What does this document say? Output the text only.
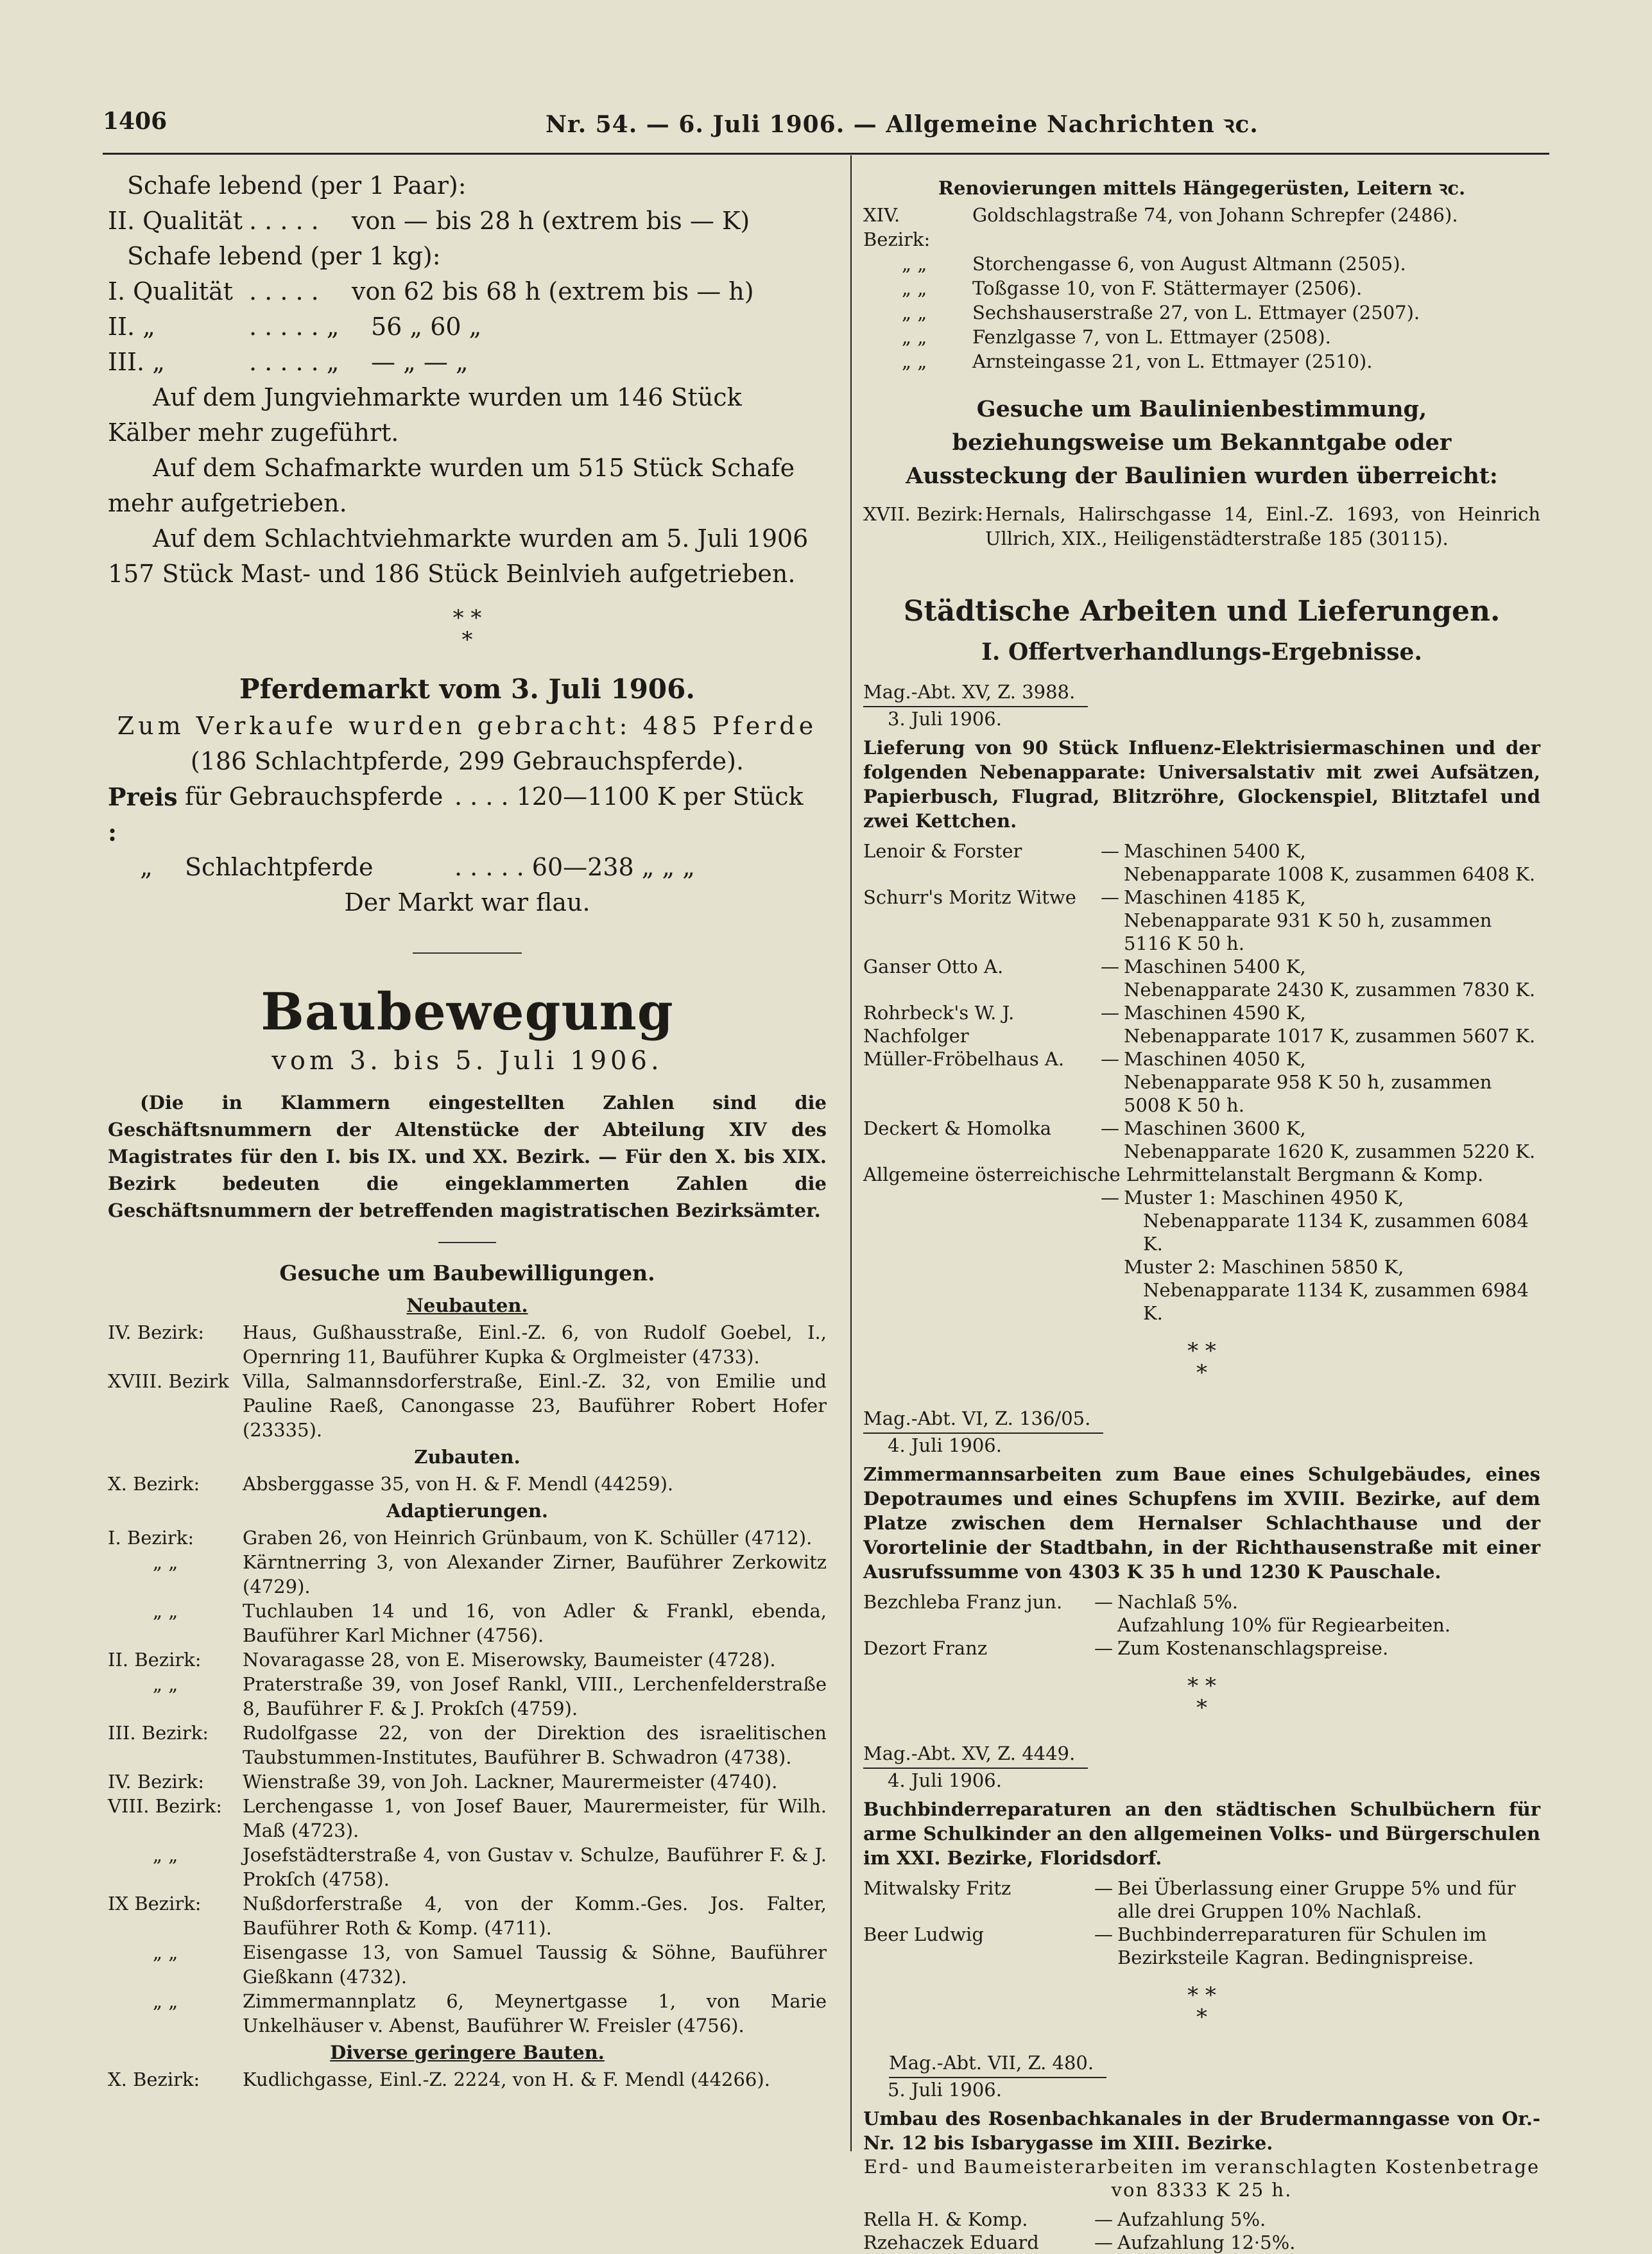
1406	Nr. 54. — 6. Juli 1906. — Allgemeine Nachrichten ꝛc.

Schafe lebend (per 1 Paar):

II. Qualität . . . . .	von — bis 28 h (extrem bis — K)

Schafe lebend (per 1 kg):

I. Qualität . . . . .	von 62 bis 68 h (extrem bis — h)
II. „	. . . . . „	56 „ 60 „
III. „	. . . . . „	— „ — „

Auf dem Jungviehmarkte wurden um 146 Stück Kälber mehr zugeführt.

Auf dem Schafmarkte wurden um 515 Stück Schafe mehr aufgetrieben.

Auf dem Schlachtviehmarkte wurden am 5. Juli 1906 157 Stück Mast- und 186 Stück Beinlvieh aufgetrieben.

* *
*

Pferdemarkt vom 3. Juli 1906.

Zum Verkaufe wurden gebracht: 485 Pferde

(186 Schlachtpferde, 299 Gebrauchspferde).

Preis :
für Gebrauchspferde . . . . 120—1100 K per Stück
„	Schlachtpferde	. . . . . 60—238 „ „ „

Der Markt war flau.

Baubewegung

vom 3. bis 5. Juli 1906.

(Die in Klammern eingestellten Zahlen sind die Geschäftsnummern der Altenstücke der Abteilung XIV des Magistrates für den I. bis IX. und XX. Bezirk. — Für den X. bis XIX. Bezirk bedeuten die eingeklammerten Zahlen die Geschäftsnummern der betreffenden magistratischen Bezirksämter.

Gesuche um Baubewilligungen.

Neubauten.

IV. Bezirk:	Haus, Gußhausstraße, Einl.-Z. 6, von Rudolf Goebel, I., Opernring 11, Bauführer Kupka & Orglmeister (4733).
XVIII. Bezirk Villa, Salmannsdorferstraße, Einl.-Z. 32, von Emilie und Pauline Raeß, Canongasse 23, Bauführer Robert Hofer (23335).

Zubauten.

X. Bezirk:	Absberggasse 35, von H. & F. Mendl (44259).

Adaptierungen.

I. Bezirk:	Graben 26, von Heinrich Grünbaum, von K. Schüller (4712).
„ „	Kärntnerring 3, von Alexander Zirner, Bauführer Zerkowitz (4729).
„ „	Tuchlauben 14 und 16, von Adler & Frankl, ebenda, Bauführer Karl Michner (4756).
II. Bezirk:	Novaragasse 28, von E. Miserowsky, Baumeister (4728).
„ „	Praterstraße 39, von Josef Rankl, VIII., Lerchenfelderstraße 8, Bauführer F. & J. Prokſch (4759).
III. Bezirk:	Rudolfgasse 22, von der Direktion des israelitischen Taubstummen-Institutes, Bauführer B. Schwadron (4738).
IV. Bezirk:	Wienstraße 39, von Joh. Lackner, Maurermeister (4740).
VIII. Bezirk:	Lerchengasse 1, von Josef Bauer, Maurermeister, für Wilh. Maß (4723).
„ „	Josefstädterstraße 4, von Gustav v. Schulze, Bauführer F. & J. Prokſch (4758).
IX Bezirk:	Nußdorferstraße 4, von der Komm.-Ges. Jos. Falter, Bauführer Roth & Komp. (4711).
„ „	Eisengasse 13, von Samuel Taussig & Söhne, Bauführer Gießkann (4732).
„ „	Zimmermannplatz 6, Meynertgasse 1, von Marie Unkelhäuser v. Abenst, Bauführer W. Freisler (4756).

Diverse geringere Bauten.

X. Bezirk:	Kudlichgasse, Einl.-Z. 2224, von H. & F. Mendl (44266).

Renovierungen mittels Hängegerüsten, Leitern ꝛc.

XIV. Bezirk:
Goldschlagstraße 74, von Johann Schrepfer (2486).
„ „	Storchengasse 6, von August Altmann (2505).
„ „	Toßgasse 10, von F. Stättermayer (2506).
„ „	Sechshauserstraße 27, von L. Ettmayer (2507).
„ „	Fenzlgasse 7, von L. Ettmayer (2508).
„ „	Arnsteingasse 21, von L. Ettmayer (2510).

Gesuche um Baulinienbestimmung, beziehungsweise um Bekanntgabe oder Aussteckung der Baulinien wurden überreicht:

XVII. Bezirk: Hernals, Halirschgasse 14, Einl.-Z. 1693, von Heinrich Ullrich, XIX., Heiligenstädterstraße 185 (30115).

Städtische Arbeiten und Lieferungen.

I. Offertverhandlungs-Ergebnisse.

Mag.-Abt. XV, Z. 3988.

3. Juli 1906.

Lieferung von 90 Stück Influenz-Elektrisiermaschinen und der folgenden Nebenapparate: Universalstativ mit zwei Aufsätzen, Papierbusch, Flugrad, Blitzröhre, Glockenspiel, Blitztafel und zwei Kettchen.

Lenoir & Forster	— Maschinen 5400 K,
Nebenapparate 1008 K, zusammen 6408 K.
Schurr's Moritz Witwe	— Maschinen 4185 K,
Nebenapparate 931 K 50 h, zusammen 5116 K 50 h.
Ganser Otto A.	— Maschinen 5400 K,
Nebenapparate 2430 K, zusammen 7830 K.
Rohrbeck's W. J. Nachfolger
— Maschinen 4590 K,
Nebenapparate 1017 K, zusammen 5607 K.
Müller-Fröbelhaus A.	— Maschinen 4050 K,
Nebenapparate 958 K 50 h, zusammen 5008 K 50 h.
Deckert & Homolka	— Maschinen 3600 K,
Nebenapparate 1620 K, zusammen 5220 K.

Allgemeine österreichische Lehrmittelanstalt Bergmann & Komp.

— Muster 1: Maschinen 4950 K,
Nebenapparate 1134 K, zusammen 6084 K.
Muster 2: Maschinen 5850 K,
Nebenapparate 1134 K, zusammen 6984 K.
* *
*
Mag.-Abt. VI, Z. 136/05.

4. Juli 1906.

Zimmermannsarbeiten zum Baue eines Schulgebäudes, eines Depotraumes und eines Schupfens im XVIII. Bezirke, auf dem Platze zwischen dem Hernalser Schlachthause und der Vorortelinie der Stadtbahn, in der Richthausenstraße mit einer Ausrufssumme von 4303 K 35 h und 1230 K Pauschale.

Bezchleba Franz jun.	— Nachlaß 5%.
Aufzahlung 10% für Regiearbeiten.
Dezort Franz	— Zum Kostenanschlagspreise.
* *
*
Mag.-Abt. XV, Z. 4449.

4. Juli 1906.

Buchbinderreparaturen an den städtischen Schulbüchern für arme Schulkinder an den allgemeinen Volks- und Bürgerschulen im XXI. Bezirke, Floridsdorf.

Mitwalsky Fritz	— Bei Überlassung einer Gruppe 5% und für alle drei Gruppen 10% Nachlaß.
Beer Ludwig	— Buchbinderreparaturen für Schulen im Bezirksteile Kagran. Bedingnispreise.
* *
*
Mag.-Abt. VII, Z. 480.

5. Juli 1906.

Umbau des Rosenbachkanales in der Brudermanngasse von Or.-Nr. 12 bis Isbarygasse im XIII. Bezirke.

Erd- und Baumeisterarbeiten im veranschlagten Kostenbetrage von 8333 K 25 h.

Rella H. & Komp.	— Aufzahlung 5%.
Rzehaczek Eduard	— Aufzahlung 12·5%.
